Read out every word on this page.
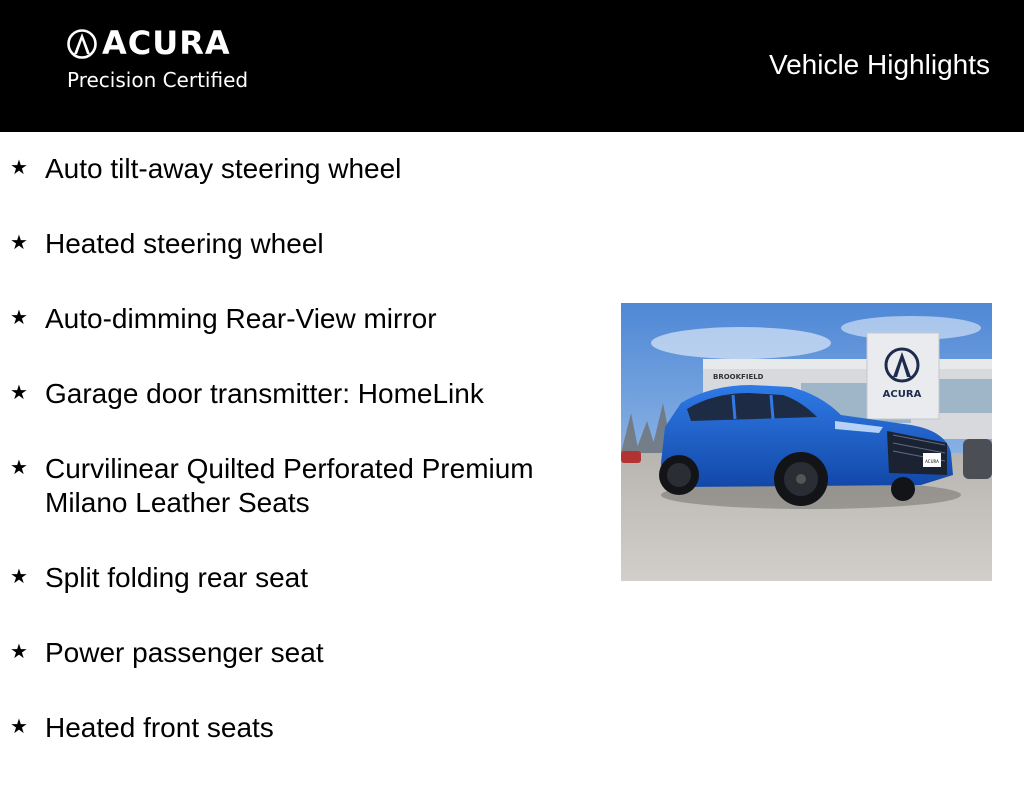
ACURA
Precision Certified	Vehicle Highlights
★ Auto tilt-away steering wheel
★ Heated steering wheel
★ Auto-dimming Rear-View mirror
★ Garage door transmitter: HomeLink
★ Curvilinear Quilted Perforated Premium Milano Leather Seats
★ Split folding rear seat
★ Power passenger seat
★ Heated front seats
ACURA
BROOKFIELD
ACURA
